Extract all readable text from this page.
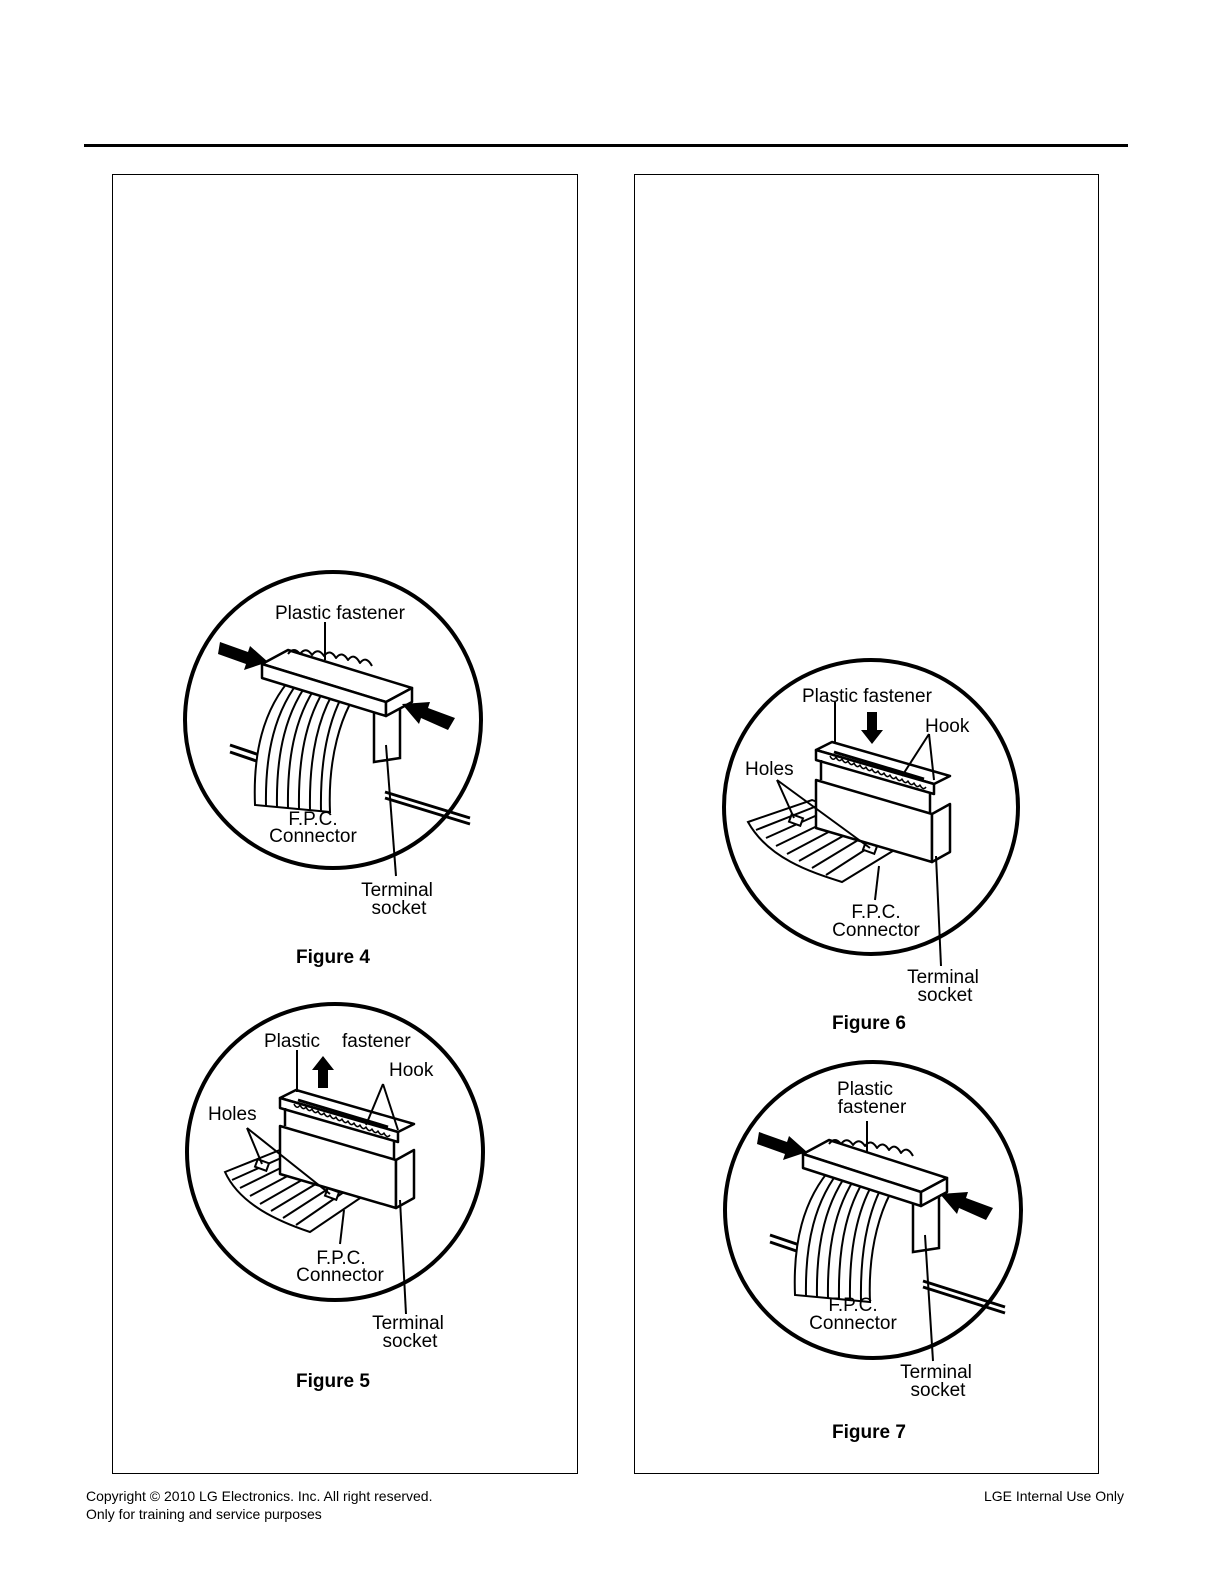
Plastic fastener
F.P.C.
Connector
Terminal
socket
Figure 4
Plastic fastener
Hook
Holes
F.P.C.
Connector
Terminal
socket
Figure 5
Plastic fastener
Hook
Holes
F.P.C.
Connector
Terminal
socket
Figure 6
Plastic
fastener
F.P.C.
Connector
Terminal
socket
Figure 7
Copyright © 2010 LG Electronics. Inc. All right reserved.
Only for training and service purposes
LGE Internal Use Only
